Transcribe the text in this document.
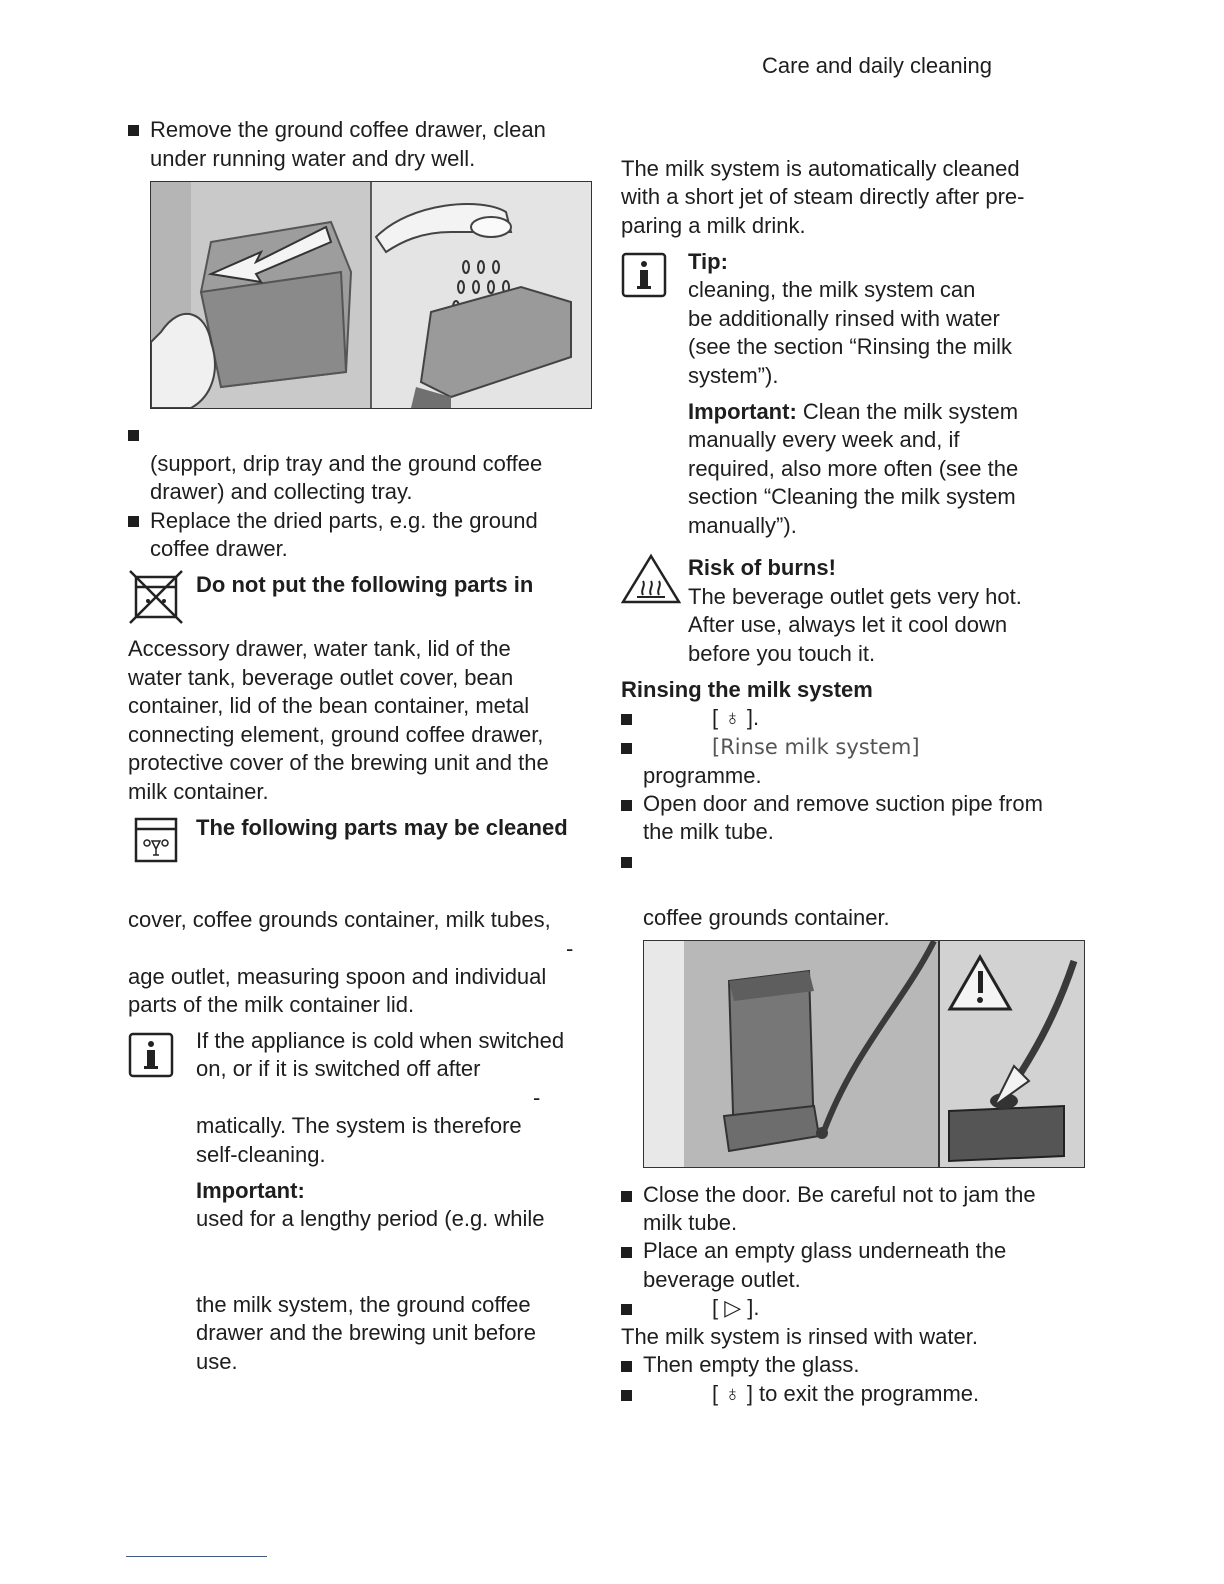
Care and daily cleaning
Remove the ground coffee drawer, clean
under running water and dry well.
(support, drip tray and the ground coffee
drawer) and collecting tray.
Replace the dried parts, e.g. the ground
coffee drawer.
Do not put the following parts in
Accessory drawer, water tank, lid of the
water tank, beverage outlet cover, bean
container, lid of the bean container, metal
connecting element, ground coffee drawer,
protective cover of the brewing unit and the
milk container.
The following parts may be cleaned
cover, coffee grounds container, milk tubes,
-
age outlet, measuring spoon and individual
parts of the milk container lid.
If the appliance is cold when switched
on, or if it is switched off after
-
matically. The system is therefore
self-cleaning.
Important:
used for a lengthy period (e.g. while
the milk system, the ground coffee
drawer and the brewing unit before
use.
The milk system is automatically cleaned
with a short jet of steam directly after pre-
paring a milk drink.
Tip:
cleaning, the milk system can
be additionally rinsed with water
(see the section “Rinsing the milk
system”).
Important: Clean the milk system
manually every week and, if
required, also more often (see the
section “Cleaning the milk system
manually”).
Risk of burns!
The beverage outlet gets very hot.
After use, always let it cool down
before you touch it.
Rinsing the milk system
[ ♁ ].
[Rinse milk system]
programme.
Open door and remove suction pipe from
the milk tube.
coffee grounds container.
Close the door. Be careful not to jam the
milk tube.
Place an empty glass underneath the
beverage outlet.
[ ▷ ].
The milk system is rinsed with water.
Then empty the glass.
[ ♁ ] to exit the programme.
